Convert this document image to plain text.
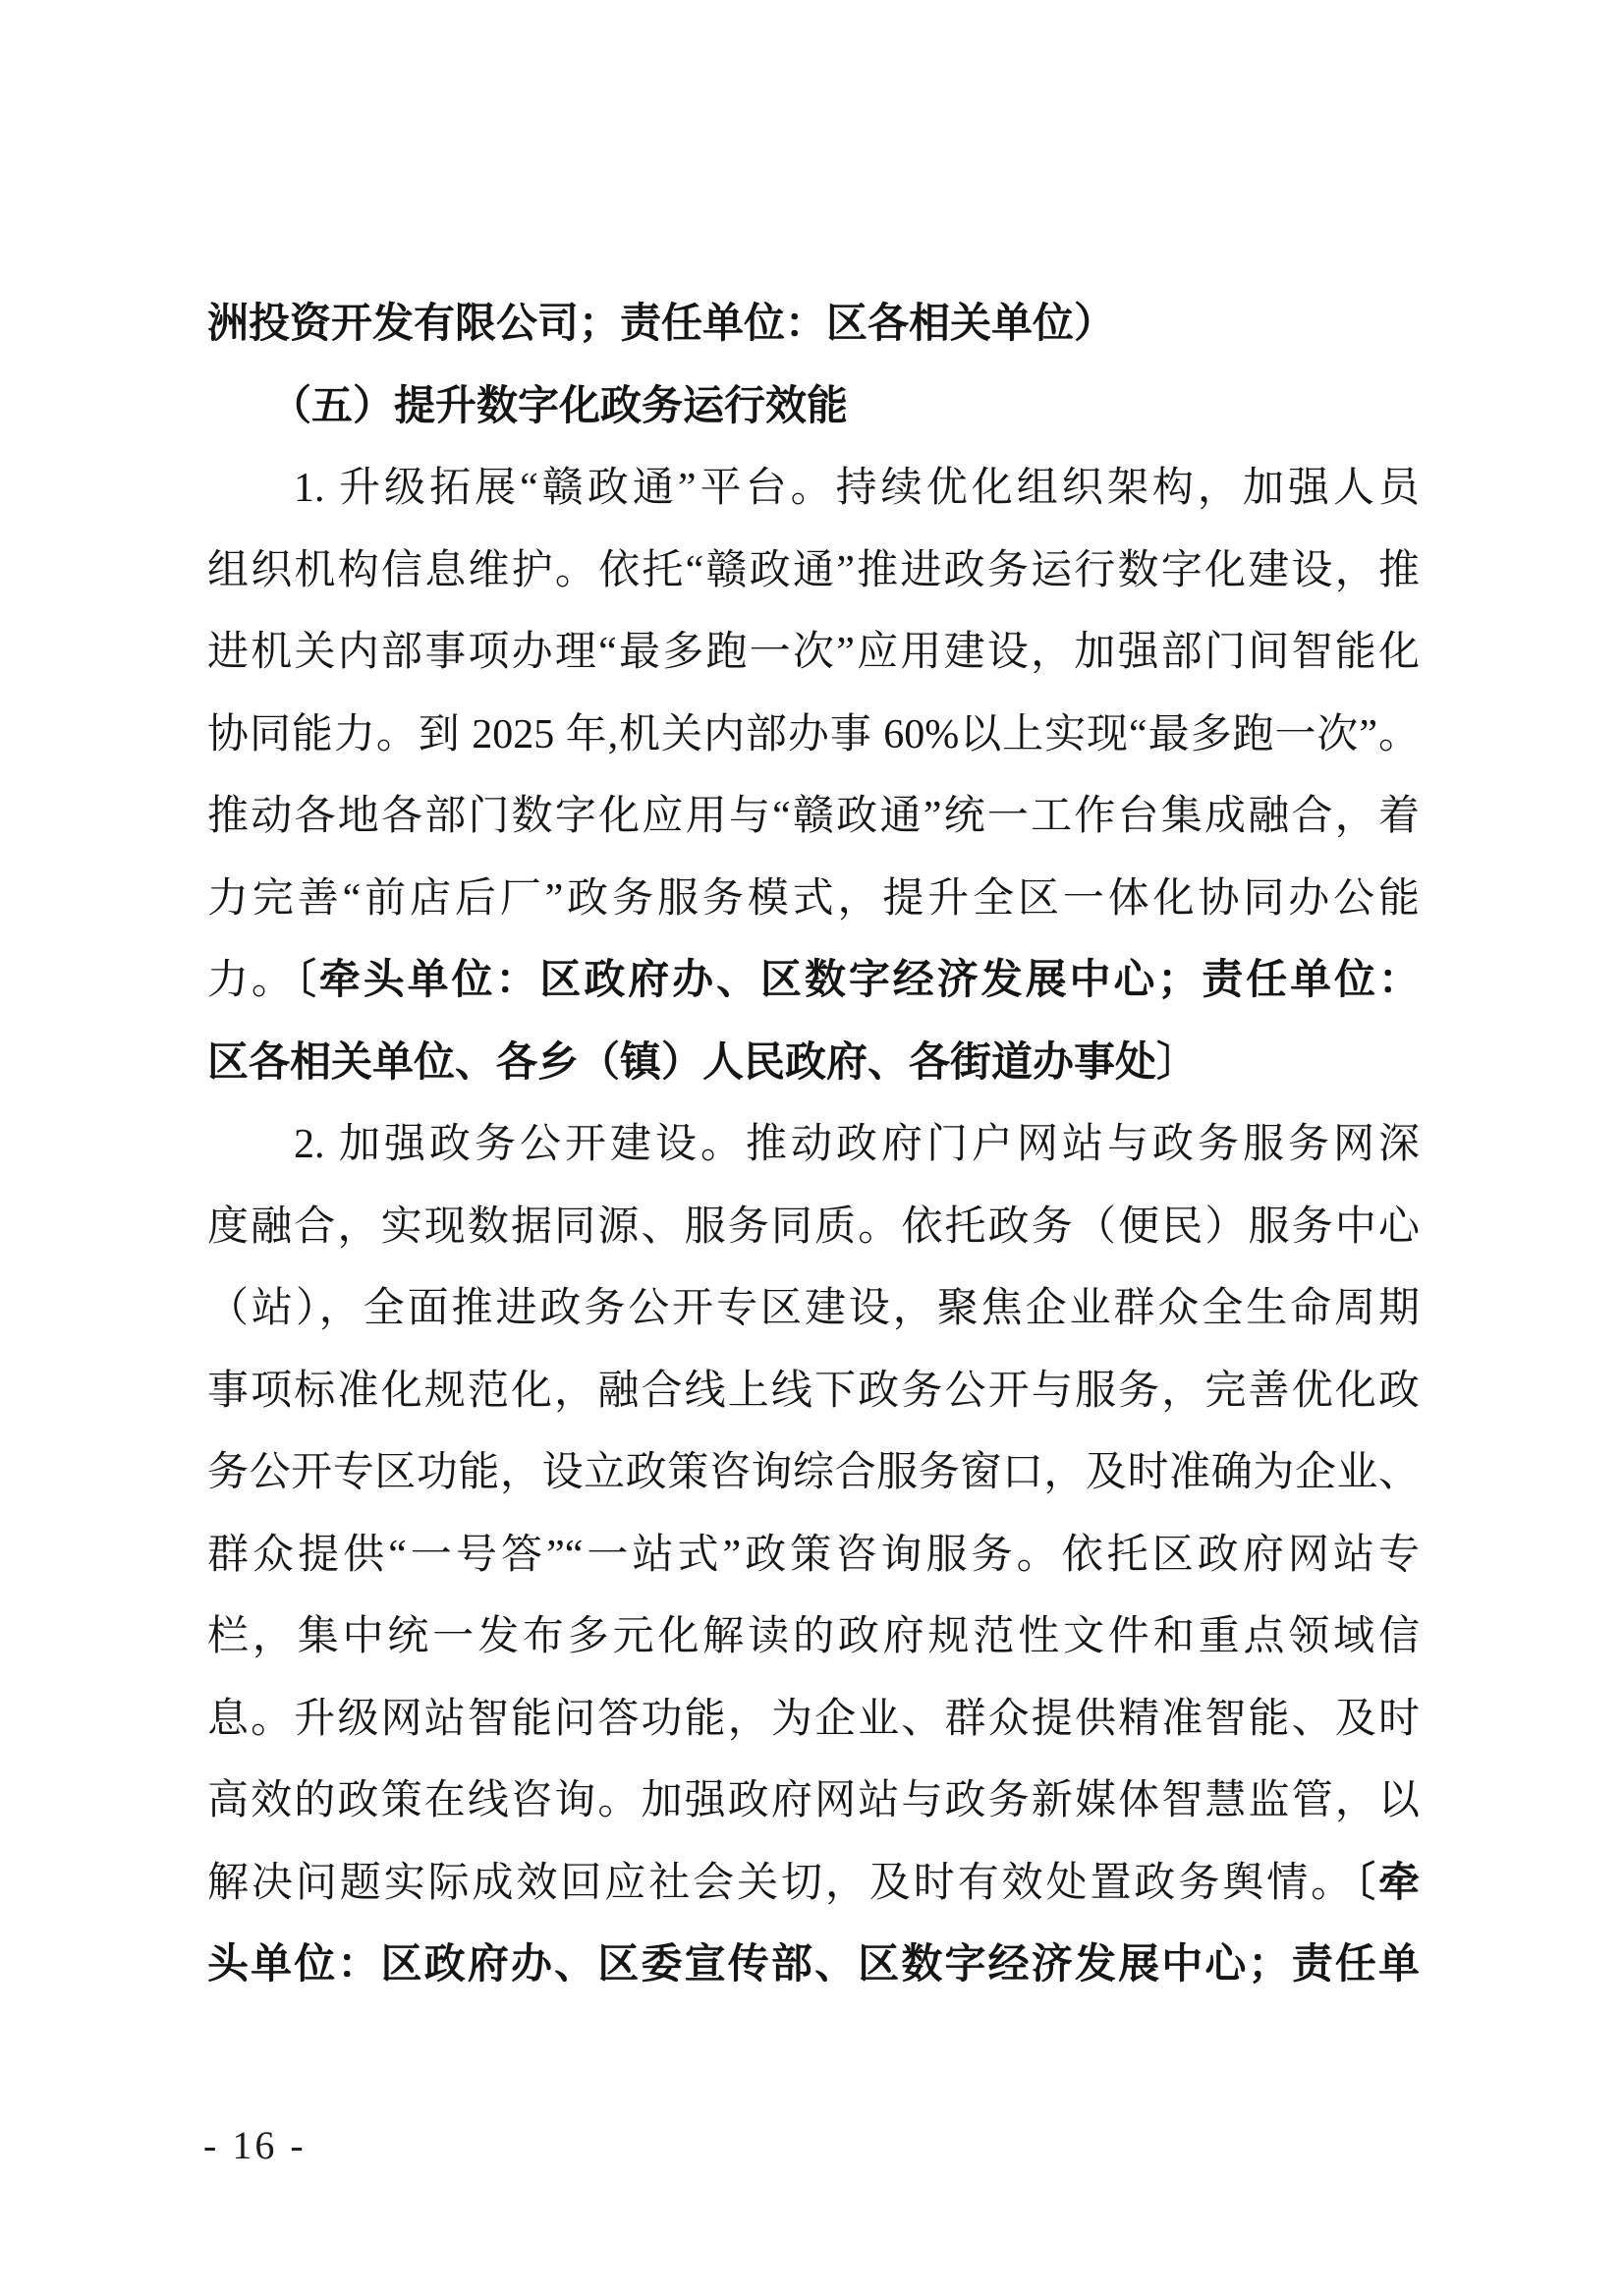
洲投资开发有限公司；责任单位：区各相关单位）
（五）提升数字化政务运行效能
1. 升级拓展“赣政通”平台。持续优化组织架构，加强人员
组织机构信息维护。依托“赣政通”推进政务运行数字化建设，推
进机关内部事项办理“最多跑一次”应用建设，加强部门间智能化
协同能力。到 2025 年,机关内部办事 60%以上实现“最多跑一次”。
推动各地各部门数字化应用与“赣政通”统一工作台集成融合，着
力完善“前店后厂”政务服务模式，提升全区一体化协同办公能
力。〔牵头单位：区政府办、区数字经济发展中心；责任单位：
区各相关单位、各乡（镇）人民政府、各街道办事处〕
2. 加强政务公开建设。推动政府门户网站与政务服务网深
度融合，实现数据同源、服务同质。依托政务（便民）服务中心
（站），全面推进政务公开专区建设，聚焦企业群众全生命周期
事项标准化规范化，融合线上线下政务公开与服务，完善优化政
务公开专区功能，设立政策咨询综合服务窗口，及时准确为企业、
群众提供“一号答”“一站式”政策咨询服务。依托区政府网站专
栏，集中统一发布多元化解读的政府规范性文件和重点领域信
息。升级网站智能问答功能，为企业、群众提供精准智能、及时
高效的政策在线咨询。加强政府网站与政务新媒体智慧监管，以
解决问题实际成效回应社会关切，及时有效处置政务舆情。〔牵
头单位：区政府办、区委宣传部、区数字经济发展中心；责任单
- 16 -
